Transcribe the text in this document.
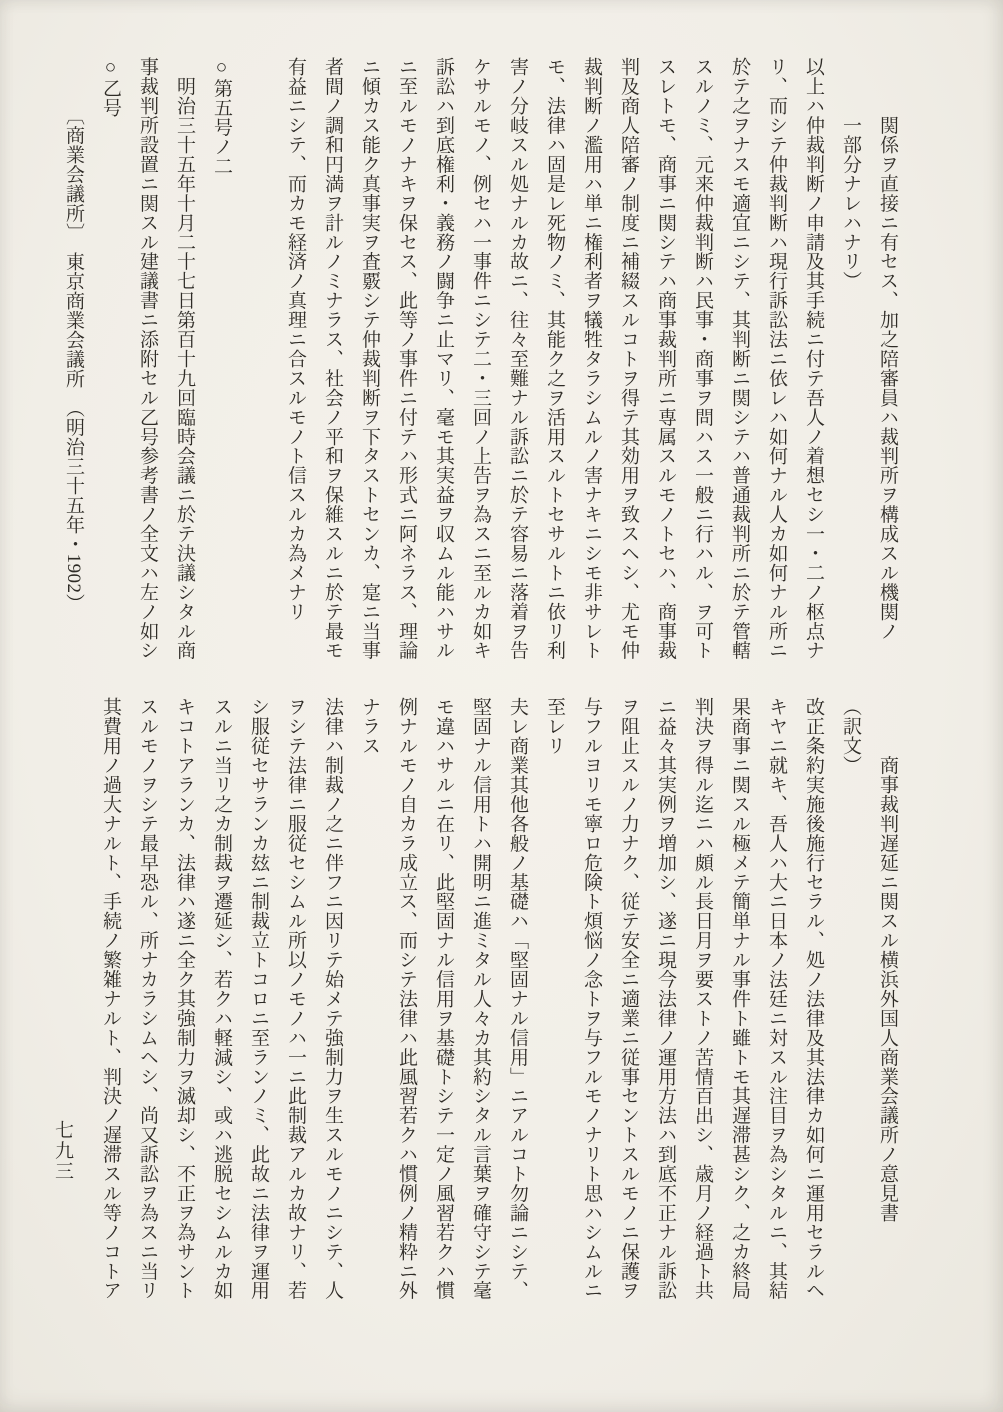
　　　関係ヲ直接ニ有セス、加之陪審員ハ裁判所ヲ構成スル機関ノ

　　　一部分ナレハナリ）

以上ハ仲裁判断ノ申請及其手続ニ付テ吾人ノ着想セシ一・二ノ枢点ナ

リ、而シテ仲裁判断ハ現行訴訟法ニ依レハ如何ナル人カ如何ナル所ニ

於テ之ヲナスモ適宜ニシテ、其判断ニ関シテハ普通裁判所ニ於テ管轄

スルノミ、元来仲裁判断ハ民事・商事ヲ問ハス一般ニ行ハル、ヲ可ト

スレトモ、商事ニ関シテハ商事裁判所ニ専属スルモノトセハ、商事裁

判及商人陪審ノ制度ニ補綴スルコトヲ得テ其効用ヲ致スヘシ、尤モ仲

裁判断ノ濫用ハ単ニ権利者ヲ犠牲タラシムルノ害ナキニシモ非サレト

モ、法律ハ固是レ死物ノミ、其能ク之ヲ活用スルトセサルトニ依リ利

害ノ分岐スル処ナルカ故ニ、往々至難ナル訴訟ニ於テ容易ニ落着ヲ告

ケサルモノ、例セハ一事件ニシテ二・三回ノ上告ヲ為スニ至ルカ如キ

訴訟ハ到底権利・義務ノ闘争ニ止マリ、毫モ其実益ヲ収ムル能ハサル

ニ至ルモノナキヲ保セス、此等ノ事件ニ付テハ形式ニ阿ネラス、理論

ニ傾カス能ク真事実ヲ査覈シテ仲裁判断ヲ下タストセンカ、寔ニ当事

者間ノ調和円満ヲ計ルノミナラス、社会ノ平和ヲ保維スルニ於テ最モ

有益ニシテ、而カモ経済ノ真理ニ合スルモノト信スルカ為メナリ

○第五号ノ二

　明治三十五年十月二十七日第百十九回臨時会議ニ於テ決議シタル商

事裁判所設置ニ関スル建議書ニ添附セル乙号参考書ノ全文ハ左ノ如シ

○乙号

　　　〔商業会議所〕　東京商業会議所　（明治三十五年・1902）

　　　商事裁判遅延ニ関スル横浜外国人商業会議所ノ意見書

（訳文）

改正条約実施後施行セラル、処ノ法律及其法律カ如何ニ運用セラルヘ

キヤニ就キ、吾人ハ大ニ日本ノ法廷ニ対スル注目ヲ為シタルニ、其結

果商事ニ関スル極メテ簡単ナル事件ト雖トモ其遅滞甚シク、之カ終局

判決ヲ得ル迄ニハ頗ル長日月ヲ要ストノ苦情百出シ、歳月ノ経過ト共

ニ益々其実例ヲ増加シ、遂ニ現今法律ノ運用方法ハ到底不正ナル訴訟

ヲ阻止スルノ力ナク、従テ安全ニ適業ニ従事セントスルモノニ保護ヲ

与フルヨリモ寧ロ危険ト煩悩ノ念トヲ与フルモノナリト思ハシムルニ

至レリ

夫レ商業其他各般ノ基礎ハ「堅固ナル信用」ニアルコト勿論ニシテ、

堅固ナル信用トハ開明ニ進ミタル人々カ其約シタル言葉ヲ確守シテ毫

モ違ハサルニ在リ、此堅固ナル信用ヲ基礎トシテ一定ノ風習若クハ慣

例ナルモノ自カラ成立ス、而シテ法律ハ此風習若クハ慣例ノ精粋ニ外

ナラス

法律ハ制裁ノ之ニ伴フニ因リテ始メテ強制力ヲ生スルモノニシテ、人

ヲシテ法律ニ服従セシムル所以ノモノハ一ニ此制裁アルカ故ナリ、若

シ服従セサランカ玆ニ制裁立トコロニ至ランノミ、此故ニ法律ヲ運用

スルニ当リ之カ制裁ヲ遷延シ、若クハ軽減シ、或ハ逃脱セシムルカ如

キコトアランカ、法律ハ遂ニ全ク其強制力ヲ滅却シ、不正ヲ為サント

スルモノヲシテ最早恐ル、所ナカラシムヘシ、尚又訴訟ヲ為スニ当リ

其費用ノ過大ナルト、手続ノ繁雑ナルト、判決ノ遅滞スル等ノコトア

七九三
